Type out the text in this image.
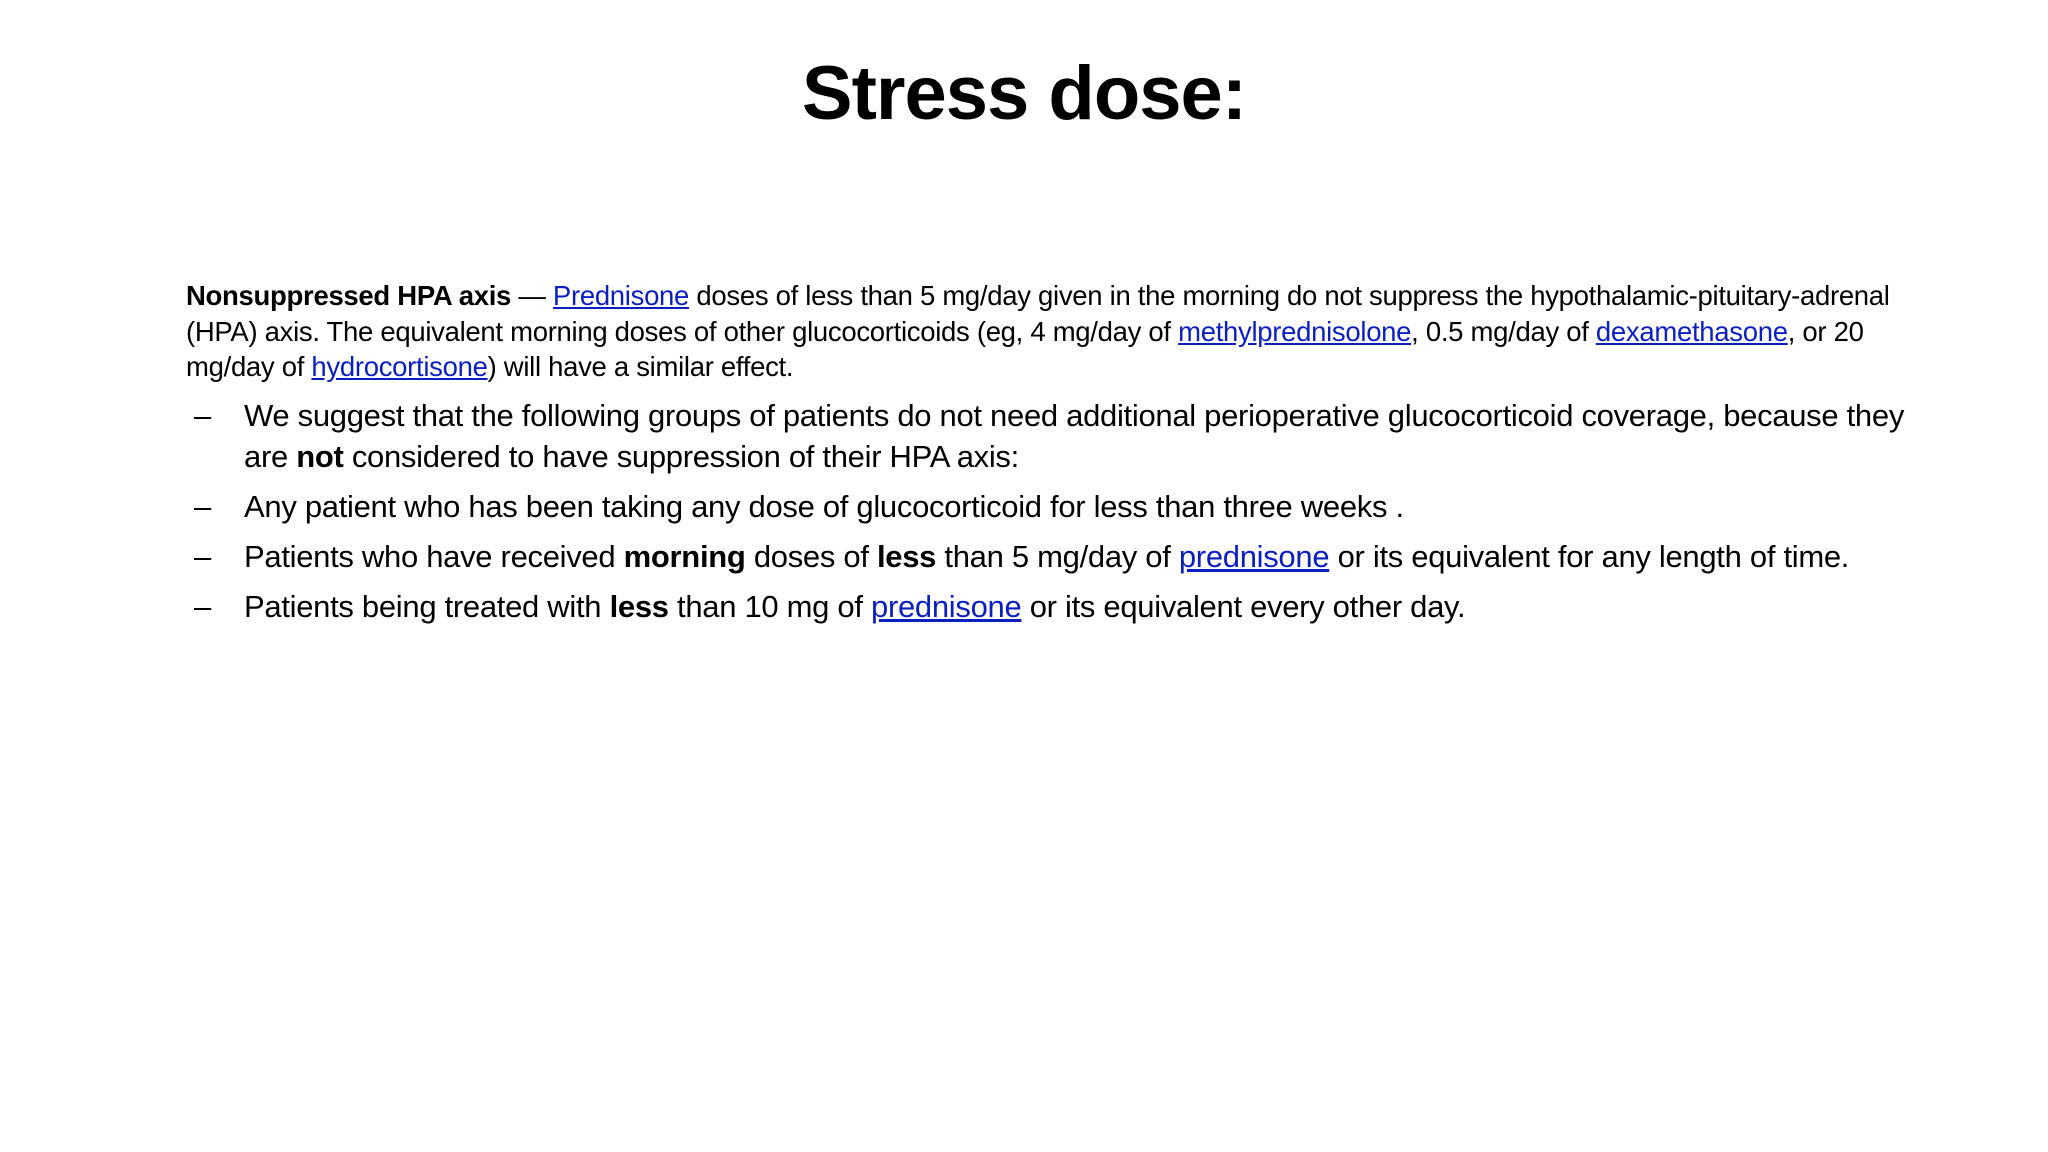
Stress dose:

Nonsuppressed HPA axis — Prednisone doses of less than 5 mg/day given in the morning do not suppress the hypothalamic-pituitary-adrenal (HPA) axis. The equivalent morning doses of other glucocorticoids (eg, 4 mg/day of methylprednisolone, 0.5 mg/day of dexamethasone, or 20 mg/day of hydrocortisone) will have a similar effect.

– We suggest that the following groups of patients do not need additional perioperative glucocorticoid coverage, because they are not considered to have suppression of their HPA axis:
– Any patient who has been taking any dose of glucocorticoid for less than three weeks .
– Patients who have received morning doses of less than 5 mg/day of prednisone or its equivalent for any length of time.
– Patients being treated with less than 10 mg of prednisone or its equivalent every other day.
